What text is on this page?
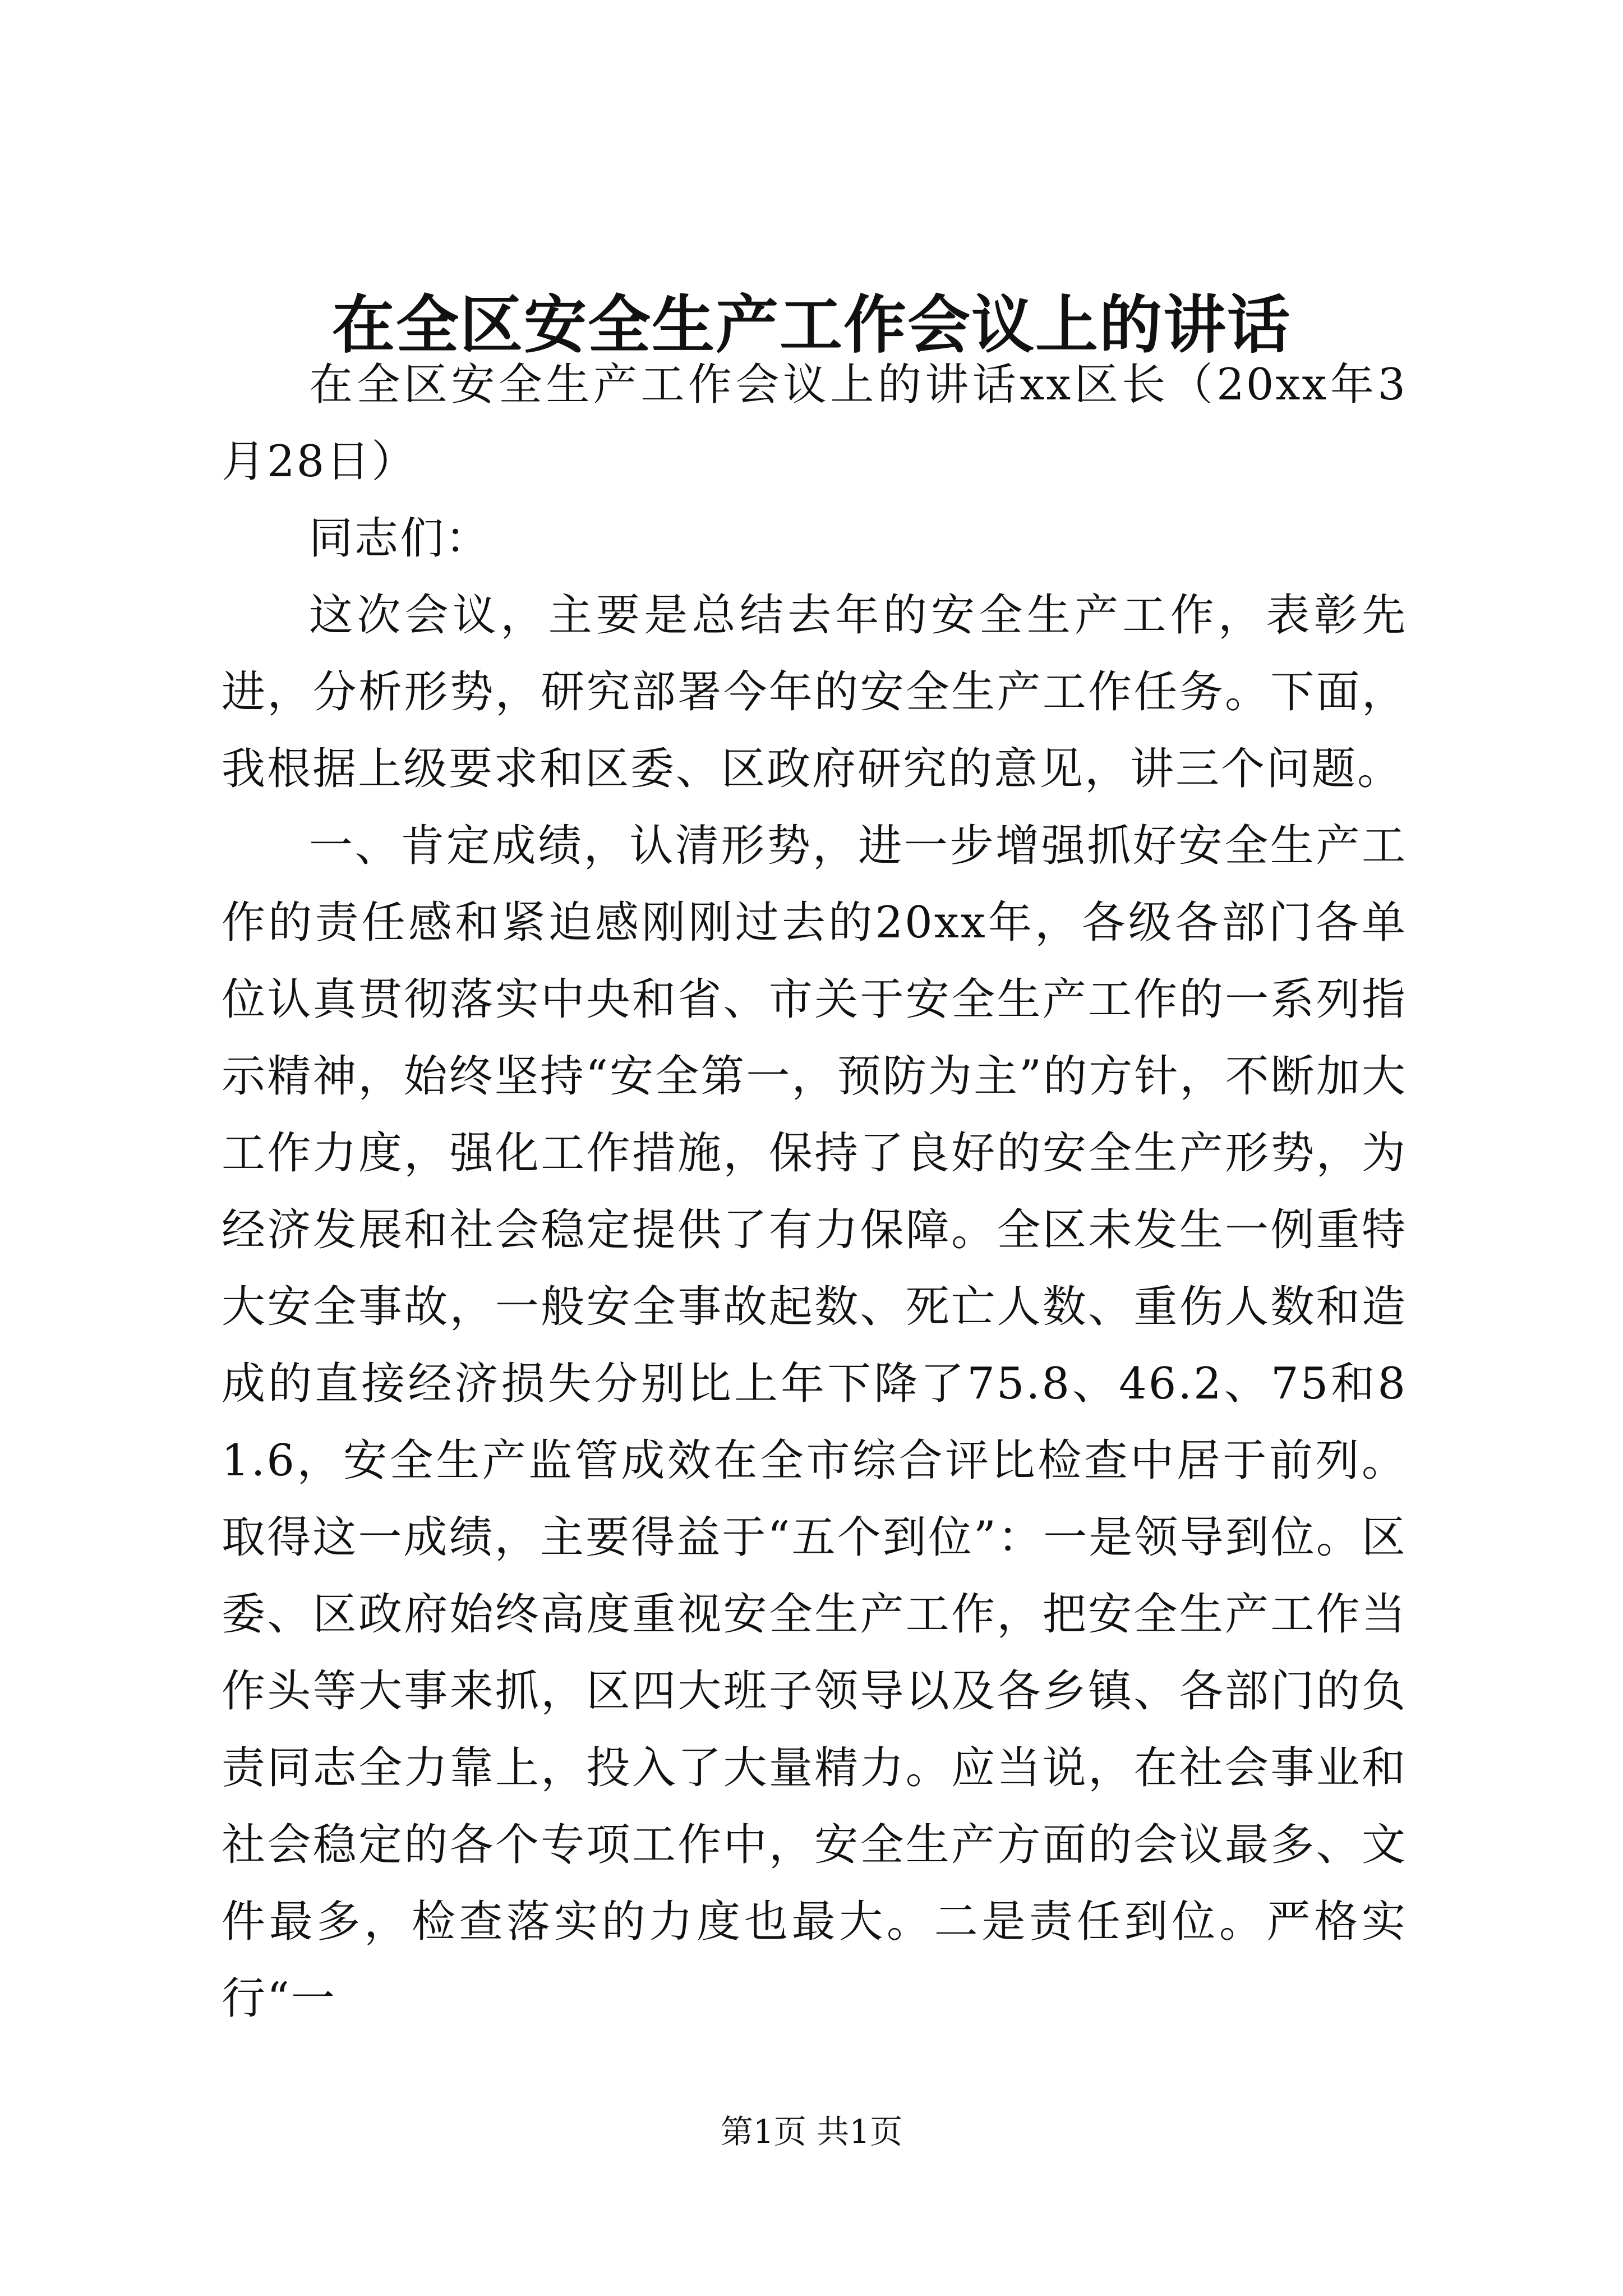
在全区安全生产工作会议上的讲话

在全区安全生产工作会议上的讲话xx区长（20xx年3月28日）

同志们：

这次会议，主要是总结去年的安全生产工作，表彰先进，分析形势，研究部署今年的安全生产工作任务。下面，我根据上级要求和区委、区政府研究的意见，讲三个问题。

一、肯定成绩，认清形势，进一步增强抓好安全生产工作的责任感和紧迫感刚刚过去的20xx年，各级各部门各单位认真贯彻落实中央和省、市关于安全生产工作的一系列指示精神，始终坚持“安全第一，预防为主”的方针，不断加大工作力度，强化工作措施，保持了良好的安全生产形势，为经济发展和社会稳定提供了有力保障。全区未发生一例重特大安全事故，一般安全事故起数、死亡人数、重伤人数和造成的直接经济损失分别比上年下降了75.8、46.2、75和81.6，安全生产监管成效在全市综合评比检查中居于前列。取得这一成绩，主要得益于“五个到位”：一是领导到位。区委、区政府始终高度重视安全生产工作，把安全生产工作当作头等大事来抓，区四大班子领导以及各乡镇、各部门的负责同志全力靠上，投入了大量精力。应当说，在社会事业和社会稳定的各个专项工作中，安全生产方面的会议最多、文件最多，检查落实的力度也最大。二是责任到位。严格实行“一

第1页 共1页
